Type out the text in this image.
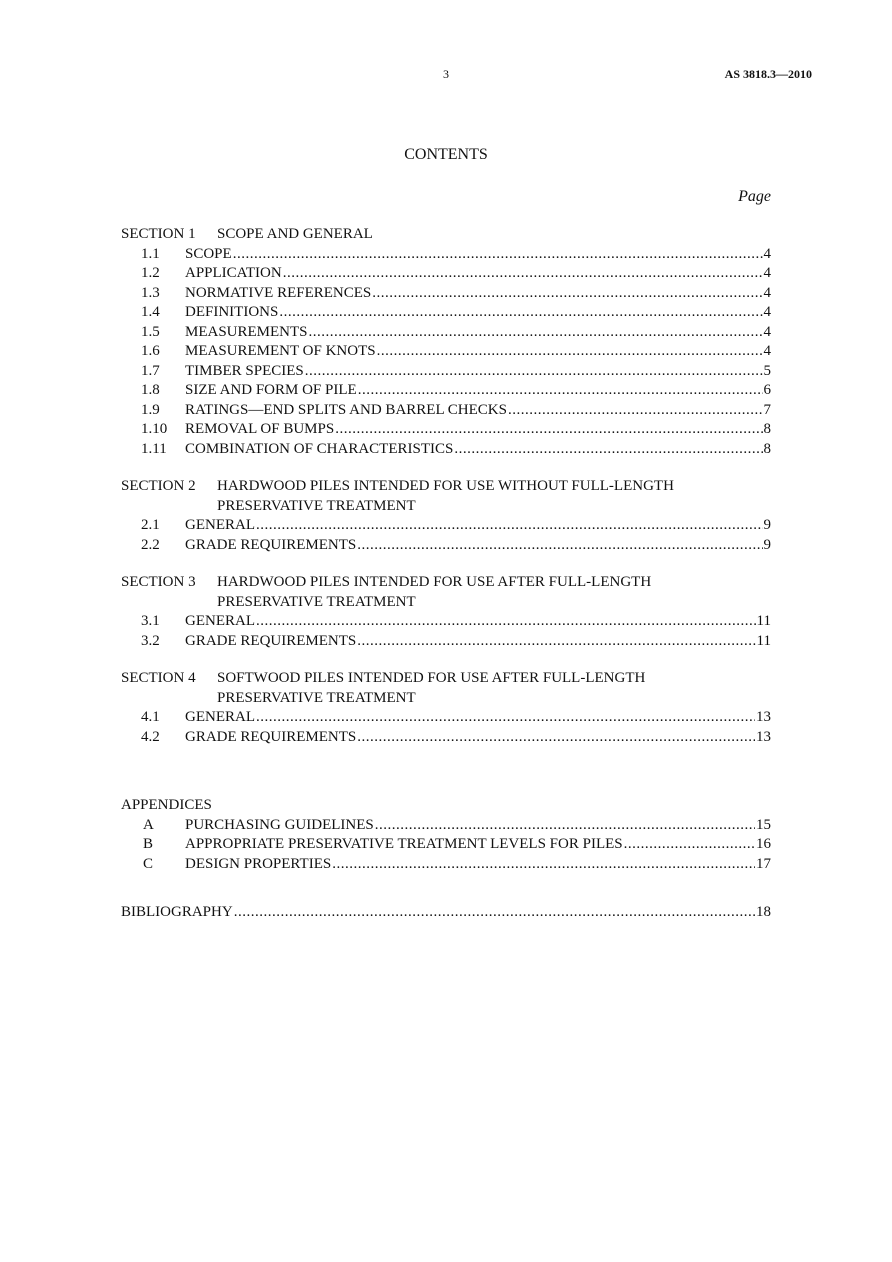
3	AS 3818.3—2010
CONTENTS
Page
SECTION 1	SCOPE AND GENERAL
1.1	SCOPE .....	4
1.2	APPLICATION .....	4
1.3	NORMATIVE REFERENCES .....	4
1.4	DEFINITIONS .....	4
1.5	MEASUREMENTS .....	4
1.6	MEASUREMENT OF KNOTS .....	4
1.7	TIMBER SPECIES .....	5
1.8	SIZE AND FORM OF PILE .....	6
1.9	RATINGS—END SPLITS AND BARREL CHECKS .....	7
1.10	REMOVAL OF BUMPS .....	8
1.11	COMBINATION OF CHARACTERISTICS .....	8
SECTION 2	HARDWOOD PILES INTENDED FOR USE WITHOUT FULL-LENGTH
PRESERVATIVE TREATMENT
2.1	GENERAL .....	9
2.2	GRADE REQUIREMENTS .....	9
SECTION 3	HARDWOOD PILES INTENDED FOR USE AFTER FULL-LENGTH
PRESERVATIVE TREATMENT
3.1	GENERAL .....	11
3.2	GRADE REQUIREMENTS .....	11
SECTION 4	SOFTWOOD PILES INTENDED FOR USE AFTER FULL-LENGTH
PRESERVATIVE TREATMENT
4.1	GENERAL .....	13
4.2	GRADE REQUIREMENTS .....	13
APPENDICES
A	PURCHASING GUIDELINES .....	15
B	APPROPRIATE PRESERVATIVE TREATMENT LEVELS FOR PILES .....	16
C	DESIGN PROPERTIES .....	17
BIBLIOGRAPHY .....	18
